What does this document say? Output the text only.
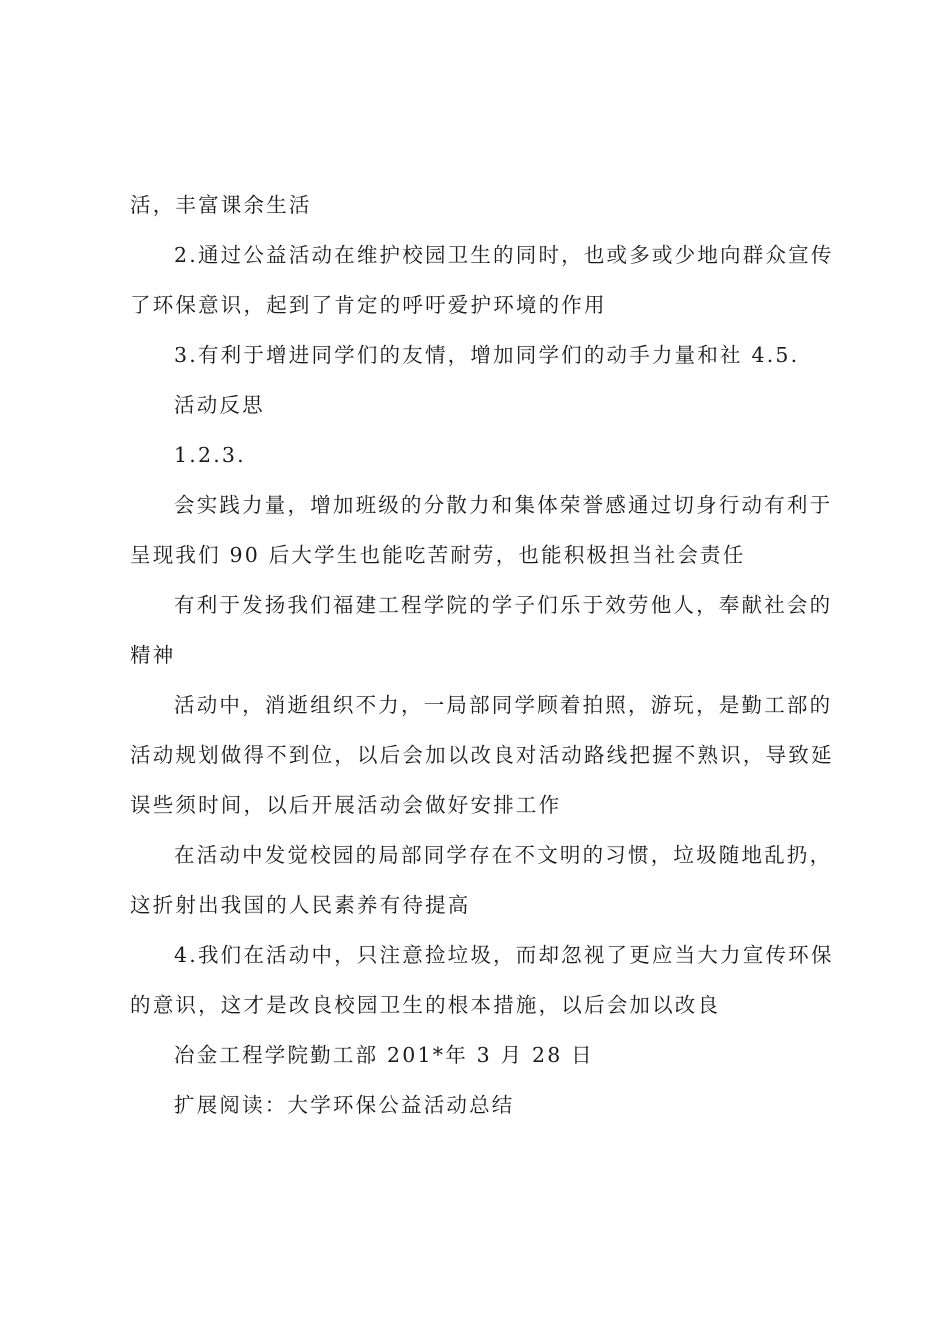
活，丰富课余生活
2.通过公益活动在维护校园卫生的同时，也或多或少地向群众宣传
了环保意识，起到了肯定的呼吁爱护环境的作用
3.有利于增进同学们的友情，增加同学们的动手力量和社 4.5.
活动反思
1.2.3.
会实践力量，增加班级的分散力和集体荣誉感通过切身行动有利于
呈现我们 90 后大学生也能吃苦耐劳，也能积极担当社会责任
有利于发扬我们福建工程学院的学子们乐于效劳他人，奉献社会的
精神
活动中，消逝组织不力，一局部同学顾着拍照，游玩，是勤工部的
活动规划做得不到位，以后会加以改良对活动路线把握不熟识，导致延
误些须时间，以后开展活动会做好安排工作
在活动中发觉校园的局部同学存在不文明的习惯，垃圾随地乱扔，
这折射出我国的人民素养有待提高
4.我们在活动中，只注意捡垃圾，而却忽视了更应当大力宣传环保
的意识，这才是改良校园卫生的根本措施，以后会加以改良
冶金工程学院勤工部 201*年 3 月 28 日
扩展阅读：大学环保公益活动总结
